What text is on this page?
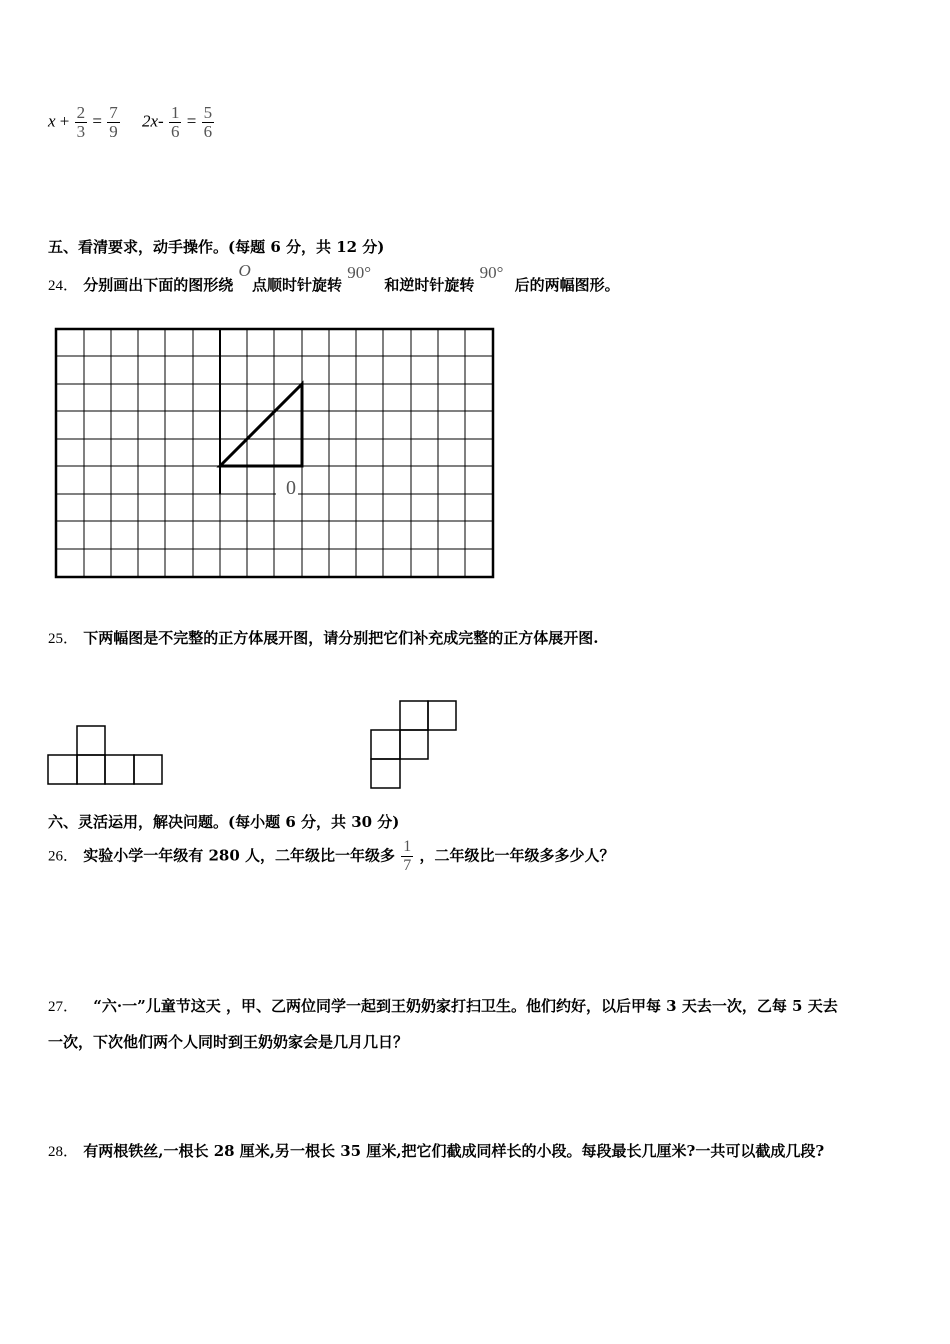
$x + \frac{2}{3} = \frac{7}{9} 2x- \frac{1}{6} = \frac{5}{6}$
五、看清要求，动手操作。(每题 6 分，共 12 分)
24． 分别画出下面的图形绕 O 点顺时针旋转 90° 和逆时针旋转 90° 后的两幅图形。
0
25． 下两幅图是不完整的正方体展开图，请分别把它们补充成完整的正方体展开图.
六、灵活运用，解决问题。(每小题 6 分，共 30 分)
26． 实验小学一年级有 280 人，二年级比一年级多 $\frac{1}{7}$ ，二年级比一年级多多少人？
27． “六·一”儿童节这天 ，甲、乙两位同学一起到王奶奶家打扫卫生。他们约好，以后甲每 3 天去一次，乙每 5 天去
一次，下次他们两个人同时到王奶奶家会是几月几日？
28． 有两根铁丝,一根长 28 厘米,另一根长 35 厘米,把它们截成同样长的小段。每段最长几厘米?一共可以截成几段?
